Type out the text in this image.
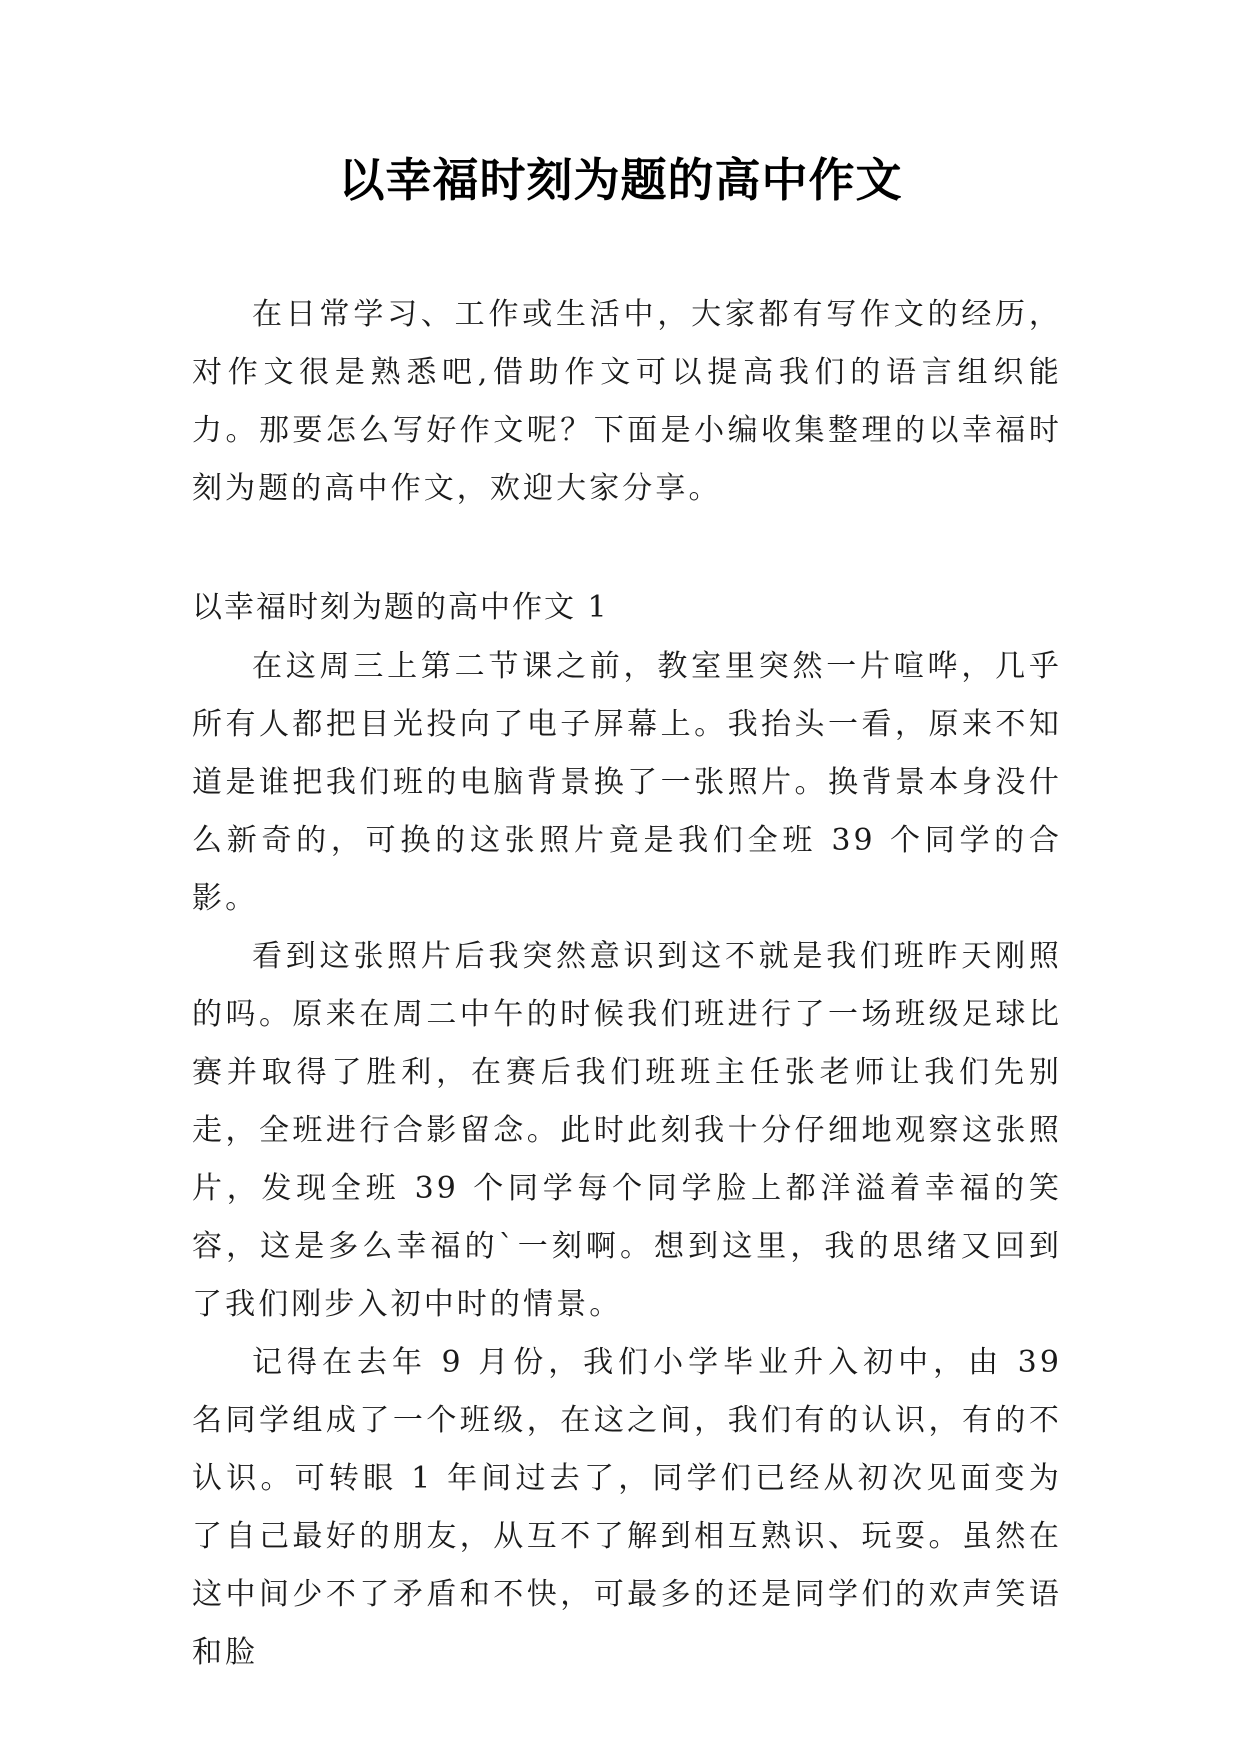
以幸福时刻为题的高中作文

在日常学习、工作或生活中，大家都有写作文的经历，对作文很是熟悉吧,借助作文可以提高我们的语言组织能力。那要怎么写好作文呢？下面是小编收集整理的以幸福时刻为题的高中作文，欢迎大家分享。

以幸福时刻为题的高中作文 1

在这周三上第二节课之前，教室里突然一片喧哗，几乎所有人都把目光投向了电子屏幕上。我抬头一看，原来不知道是谁把我们班的电脑背景换了一张照片。换背景本身没什么新奇的，可换的这张照片竟是我们全班 39 个同学的合影。

看到这张照片后我突然意识到这不就是我们班昨天刚照的吗。原来在周二中午的时候我们班进行了一场班级足球比赛并取得了胜利，在赛后我们班班主任张老师让我们先别走，全班进行合影留念。此时此刻我十分仔细地观察这张照片，发现全班 39 个同学每个同学脸上都洋溢着幸福的笑容，这是多么幸福的`一刻啊。想到这里，我的思绪又回到了我们刚步入初中时的情景。

记得在去年 9 月份，我们小学毕业升入初中，由 39 名同学组成了一个班级，在这之间，我们有的认识，有的不认识。可转眼 1 年间过去了，同学们已经从初次见面变为了自己最好的朋友，从互不了解到相互熟识、玩耍。虽然在这中间少不了矛盾和不快，可最多的还是同学们的欢声笑语和脸
